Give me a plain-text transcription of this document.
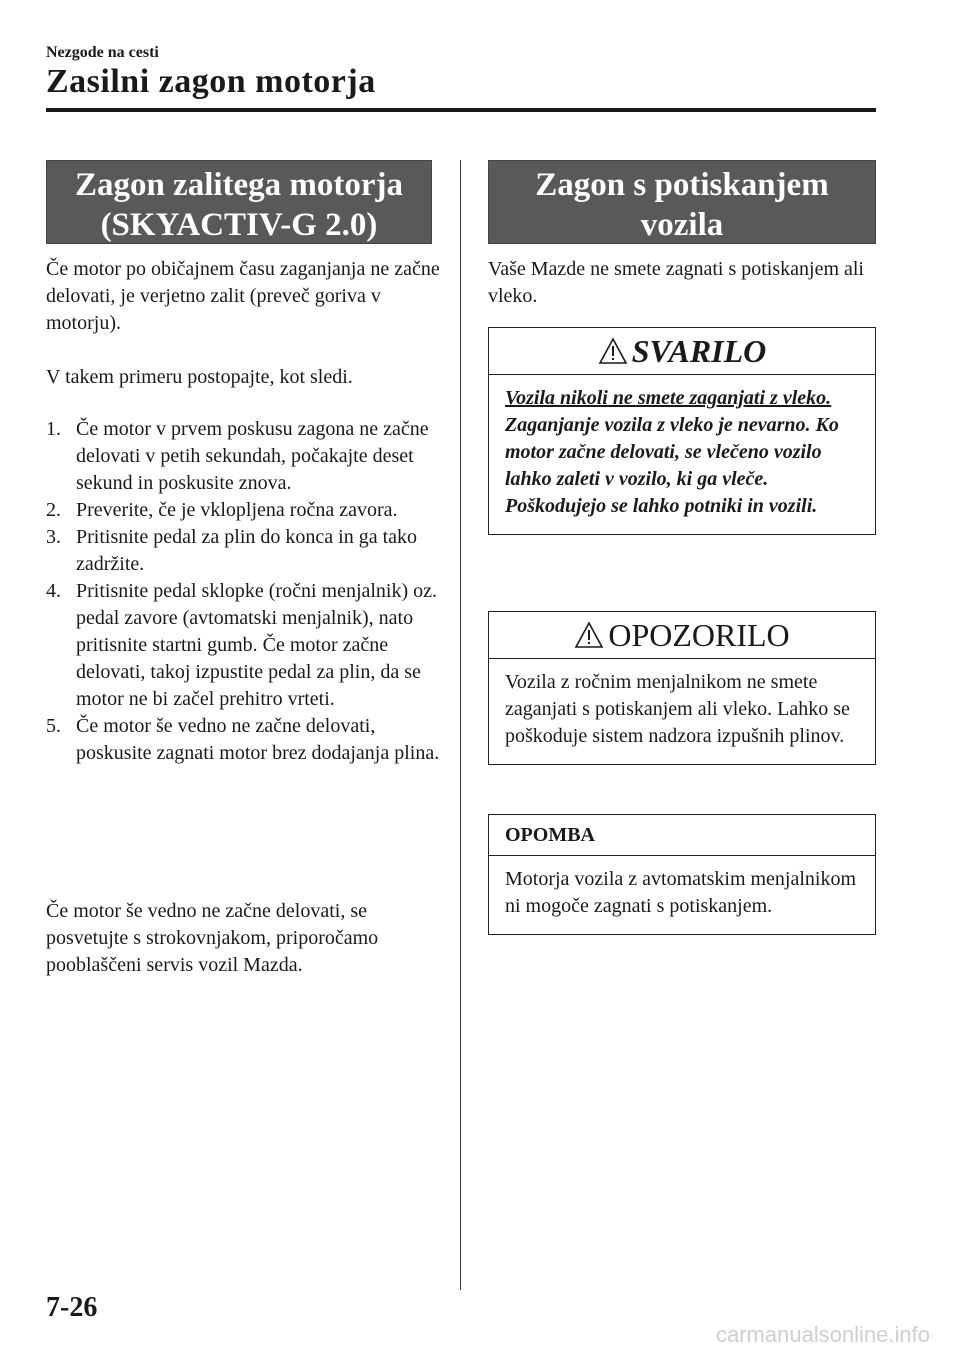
Nezgode na cesti
Zasilni zagon motorja
Zagon zalitega motorja
(SKYACTIV-G 2.0)

Če motor po običajnem času zaganjanja ne začne delovati, je verjetno zalit (preveč goriva v motorju).

V takem primeru postopajte, kot sledi.

1. Če motor v prvem poskusu zagona ne začne delovati v petih sekundah, počakajte deset sekund in poskusite znova.
2. Preverite, če je vklopljena ročna zavora.
3. Pritisnite pedal za plin do konca in ga tako zadržite.
4. Pritisnite pedal sklopke (ročni menjalnik) oz. pedal zavore (avtomatski menjalnik), nato pritisnite startni gumb. Če motor začne delovati, takoj izpustite pedal za plin, da se motor ne bi začel prehitro vrteti.
5. Če motor še vedno ne začne delovati, poskusite zagnati motor brez dodajanja plina.

Če motor še vedno ne začne delovati, se posvetujte s strokovnjakom, priporočamo pooblaščeni servis vozil Mazda.

Zagon s potiskanjem
vozila

Vaše Mazde ne smete zagnati s potiskanjem ali vleko.

SVARILO
Vozila nikoli ne smete zaganjati z vleko.
Zaganjanje vozila z vleko je nevarno. Ko motor začne delovati, se vlečeno vozilo lahko zaleti v vozilo, ki ga vleče. Poškodujejo se lahko potniki in vozili.
OPOZORILO
Vozila z ročnim menjalnikom ne smete zaganjati s potiskanjem ali vleko. Lahko se poškoduje sistem nadzora izpušnih plinov.
OPOMBA
Motorja vozila z avtomatskim menjalnikom ni mogoče zagnati s potiskanjem.
7-26
carmanualsonline.info
